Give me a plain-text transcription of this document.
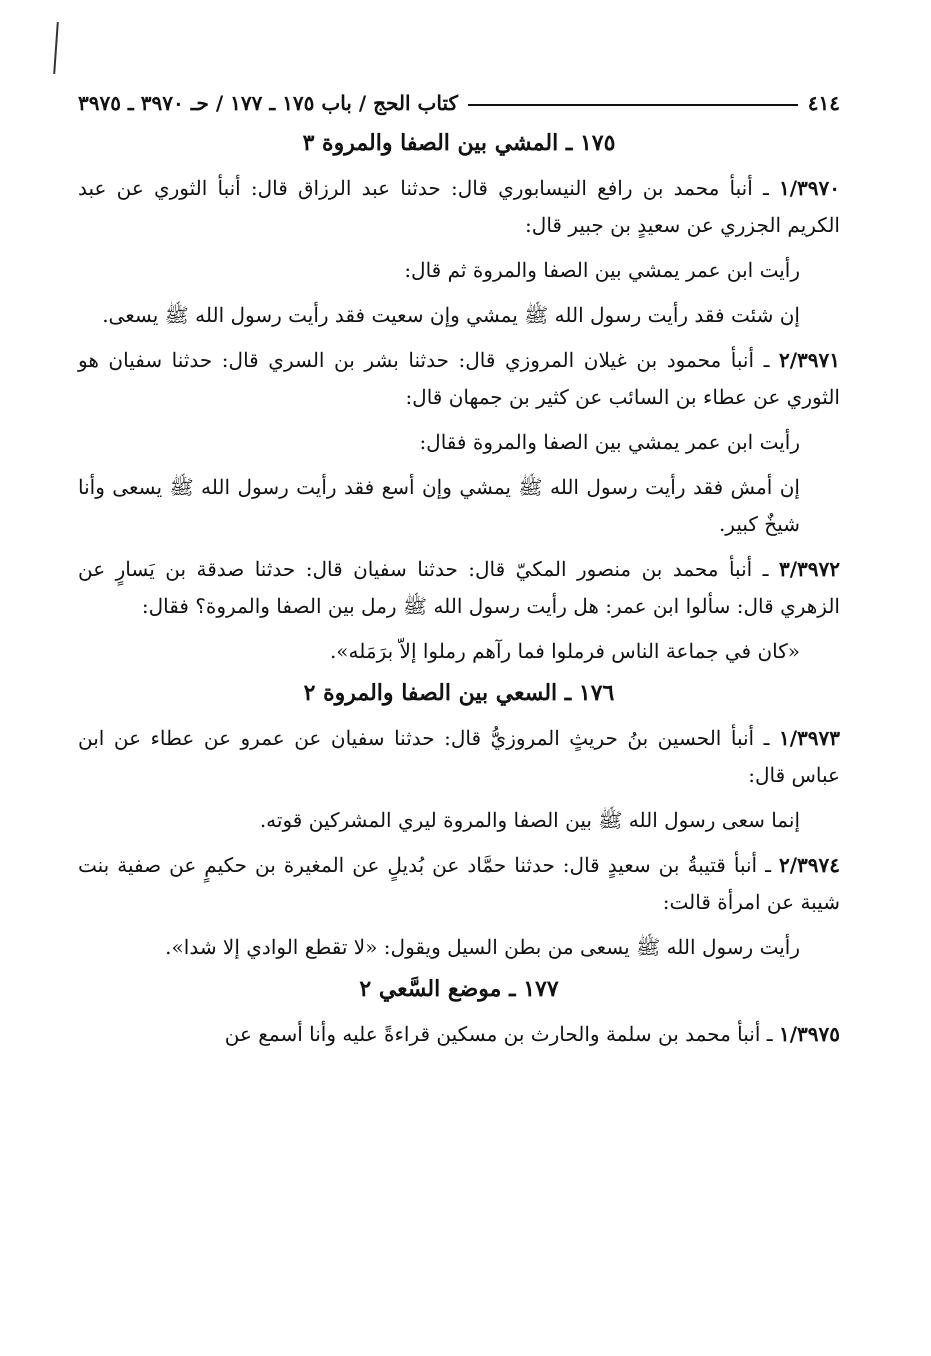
٤١٤
كتاب الحج / باب ١٧٥ ـ ١٧٧ / حـ ٣٩٧٠ ـ ٣٩٧٥
١٧٥ ـ المشي بين الصفا والمروة ٣

١/٣٩٧٠ ـ أنبأ محمد بن رافع النيسابوري قال: حدثنا عبد الرزاق قال: أنبأ الثوري عن عبد الكريم الجزري عن سعيدٍ بن جبير قال:

رأيت ابن عمر يمشي بين الصفا والمروة ثم قال:

إن شئت فقد رأيت رسول الله ﷺ يمشي وإن سعيت فقد رأيت رسول الله ﷺ يسعى.

٢/٣٩٧١ ـ أنبأ محمود بن غيلان المروزي قال: حدثنا بشر بن السري قال: حدثنا سفيان هو الثوري عن عطاء بن السائب عن كثير بن جمهان قال:

رأيت ابن عمر يمشي بين الصفا والمروة فقال:

إن أمش فقد رأيت رسول الله ﷺ يمشي وإن أسع فقد رأيت رسول الله ﷺ يسعى وأنا شيخٌ كبير.

٣/٣٩٧٢ ـ أنبأ محمد بن منصور المكيّ قال: حدثنا سفيان قال: حدثنا صدقة بن يَسارٍ عن الزهري قال: سألوا ابن عمر: هل رأيت رسول الله ﷺ رمل بين الصفا والمروة؟ فقال:

«كان في جماعة الناس فرملوا فما رآهم رملوا إلاّ برَمَله».

١٧٦ ـ السعي بين الصفا والمروة ٢

١/٣٩٧٣ ـ أنبأ الحسين بنُ حريثٍ المروزيُّ قال: حدثنا سفيان عن عمرو عن عطاء عن ابن عباس قال:

إنما سعى رسول الله ﷺ بين الصفا والمروة ليري المشركين قوته.

٢/٣٩٧٤ ـ أنبأ قتيبةُ بن سعيدٍ قال: حدثنا حمَّاد عن بُديلٍ عن المغيرة بن حكيمٍ عن صفية بنت شيبة عن امرأة قالت:

رأيت رسول الله ﷺ يسعى من بطن السيل ويقول: «لا تقطع الوادي إلا شدا».

١٧٧ ـ موضع السَّعي ٢

١/٣٩٧٥ ـ أنبأ محمد بن سلمة والحارث بن مسكين قراءةً عليه وأنا أسمع عن
